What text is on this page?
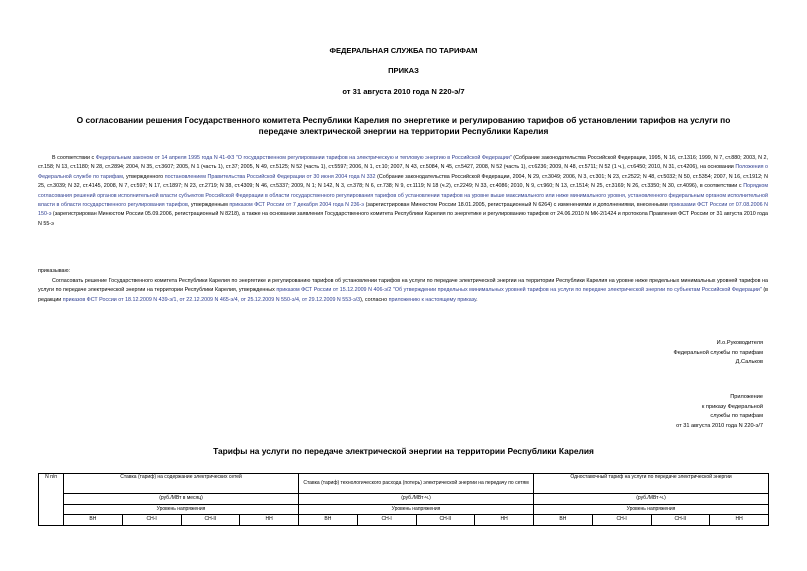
ФЕДЕРАЛЬНАЯ СЛУЖБА ПО ТАРИФАМ
ПРИКАЗ
от 31 августа 2010 года N 220-э/7
О согласовании решения Государственного комитета Республики Карелия по энергетике и регулированию тарифов об установлении тарифов на услуги по
передаче электрической энергии на территории Республики Карелия
В соответствии с Федеральным законом от 14 апреля 1995 года N 41-ФЗ "О государственном регулировании тарифов на электрическую и тепловую энергию в Российской Федерации" (Собрание законодательства Российской Федерации, 1995, N 16, ст.1316; 1999, N 7, ст.880; 2003, N 2, ст.158; N 13, ст.1180; N 28, ст.2894; 2004, N 35, ст.3607; 2005, N 1 (часть 1), ст.37; 2005, N 49, ст.5125; N 52 (часть 1), ст.5597; 2006, N 1, ст.10; 2007, N 43, ст.5084, N 45, ст.5427, 2008, N 52 (часть 1), ст.6236; 2009, N 48, ст.5711; N 52 (1 ч.), ст.6450; 2010, N 31, ст.4206), на основании Положения о Федеральной службе по тарифам, утвержденного постановлением Правительства Российской Федерации от 30 июня 2004 года N 332 (Собрание законодательства Российской Федерации, 2004, N 29, ст.3049; 2006, N 3, ст.301; N 23, ст.2522; N 48, ст.5032; N 50, ст.5354; 2007, N 16, ст.1912; N 25, ст.3039; N 32, ст.4145, 2008, N 7, ст.597; N 17, ст.1897; N 23, ст.2719; N 38, ст.4309; N 46, ст.5337; 2009, N 1; N 142, N 3, ст.378; N 6, ст.738; N 9, ст.1119; N 18 (ч.2), ст.2249; N 33, ст.4086; 2010, N 9, ст.960; N 13, ст.1514; N 25, ст.3169; N 26, ст.3350; N 30, ст.4096), в соответствии с Порядком согласования решений органов исполнительной власти субъектов Российской Федерации в области государственного регулирования тарифов об установлении тарифов на уровне выше максимального или ниже минимального уровня, установленного федеральным органом исполнительной власти в области государственного регулирования тарифов, утвержденным приказом ФСТ России от 7 декабря 2004 года N 236-э (зарегистрирован Минюстом России 18.01.2005, регистрационный N 6264) с изменениями и дополнениями, внесенными приказами ФСТ России от 07.08.2006 N 150-э (зарегистрирован Минюстом России 05.09.2006, регистрационный N 8218), а также на основании заявления Государственного комитета Республики Карелия по энергетике и регулированию тарифов от 24.06.2010 N МК-2/1424 и протокола Правления ФСТ России от 31 августа 2010 года N 55-э
приказываю:
Согласовать решение Государственного комитета Республики Карелия по энергетике и регулированию тарифов об установлении тарифов на услуги по передаче электрической энергии на территории Республики Карелия на уровне ниже предельных минимальных уровней тарифов на услуги по передаче электрической энергии на территории Республики Карелия, утвержденных приказом ФСТ России от 15.12.2009 N 406-э/2 "Об утверждении предельных минимальных уровней тарифов на услуги по передаче электрической энергии по субъектам Российской Федерации" (в редакции приказов ФСТ России от 18.12.2009 N 439-э/1, от 22.12.2009 N 465-э/4, от 25.12.2009 N 550-э/4, от 29.12.2009 N 553-э/3), согласно приложению к настоящему приказу.
И.о.Руководителя
Федеральной службы по тарифам
Д.Сальков
Приложение
к приказу Федеральной
службы по тарифам
от 31 августа 2010 года N 220-э/7
Тарифы на услуги по передаче электрической энергии на территории Республики Карелия
N п/п	Ставка (тариф) на содержание электрических сетей				Ставка (тариф) технологического расхода (потерь) электрической энергии на передачу по сетям				Одноставочный тариф на услуги по передаче электрической энергии			
	(руб./МВт в месяц)				(руб./МВт·ч.)				(руб./МВт·ч.)			
	Уровень напряжения				Уровень напряжения				Уровень напряжения			
	ВН	СН-I	СН-II	НН	ВН	СН-I	СН-II	НН	ВН	СН-I	СН-II	НН
